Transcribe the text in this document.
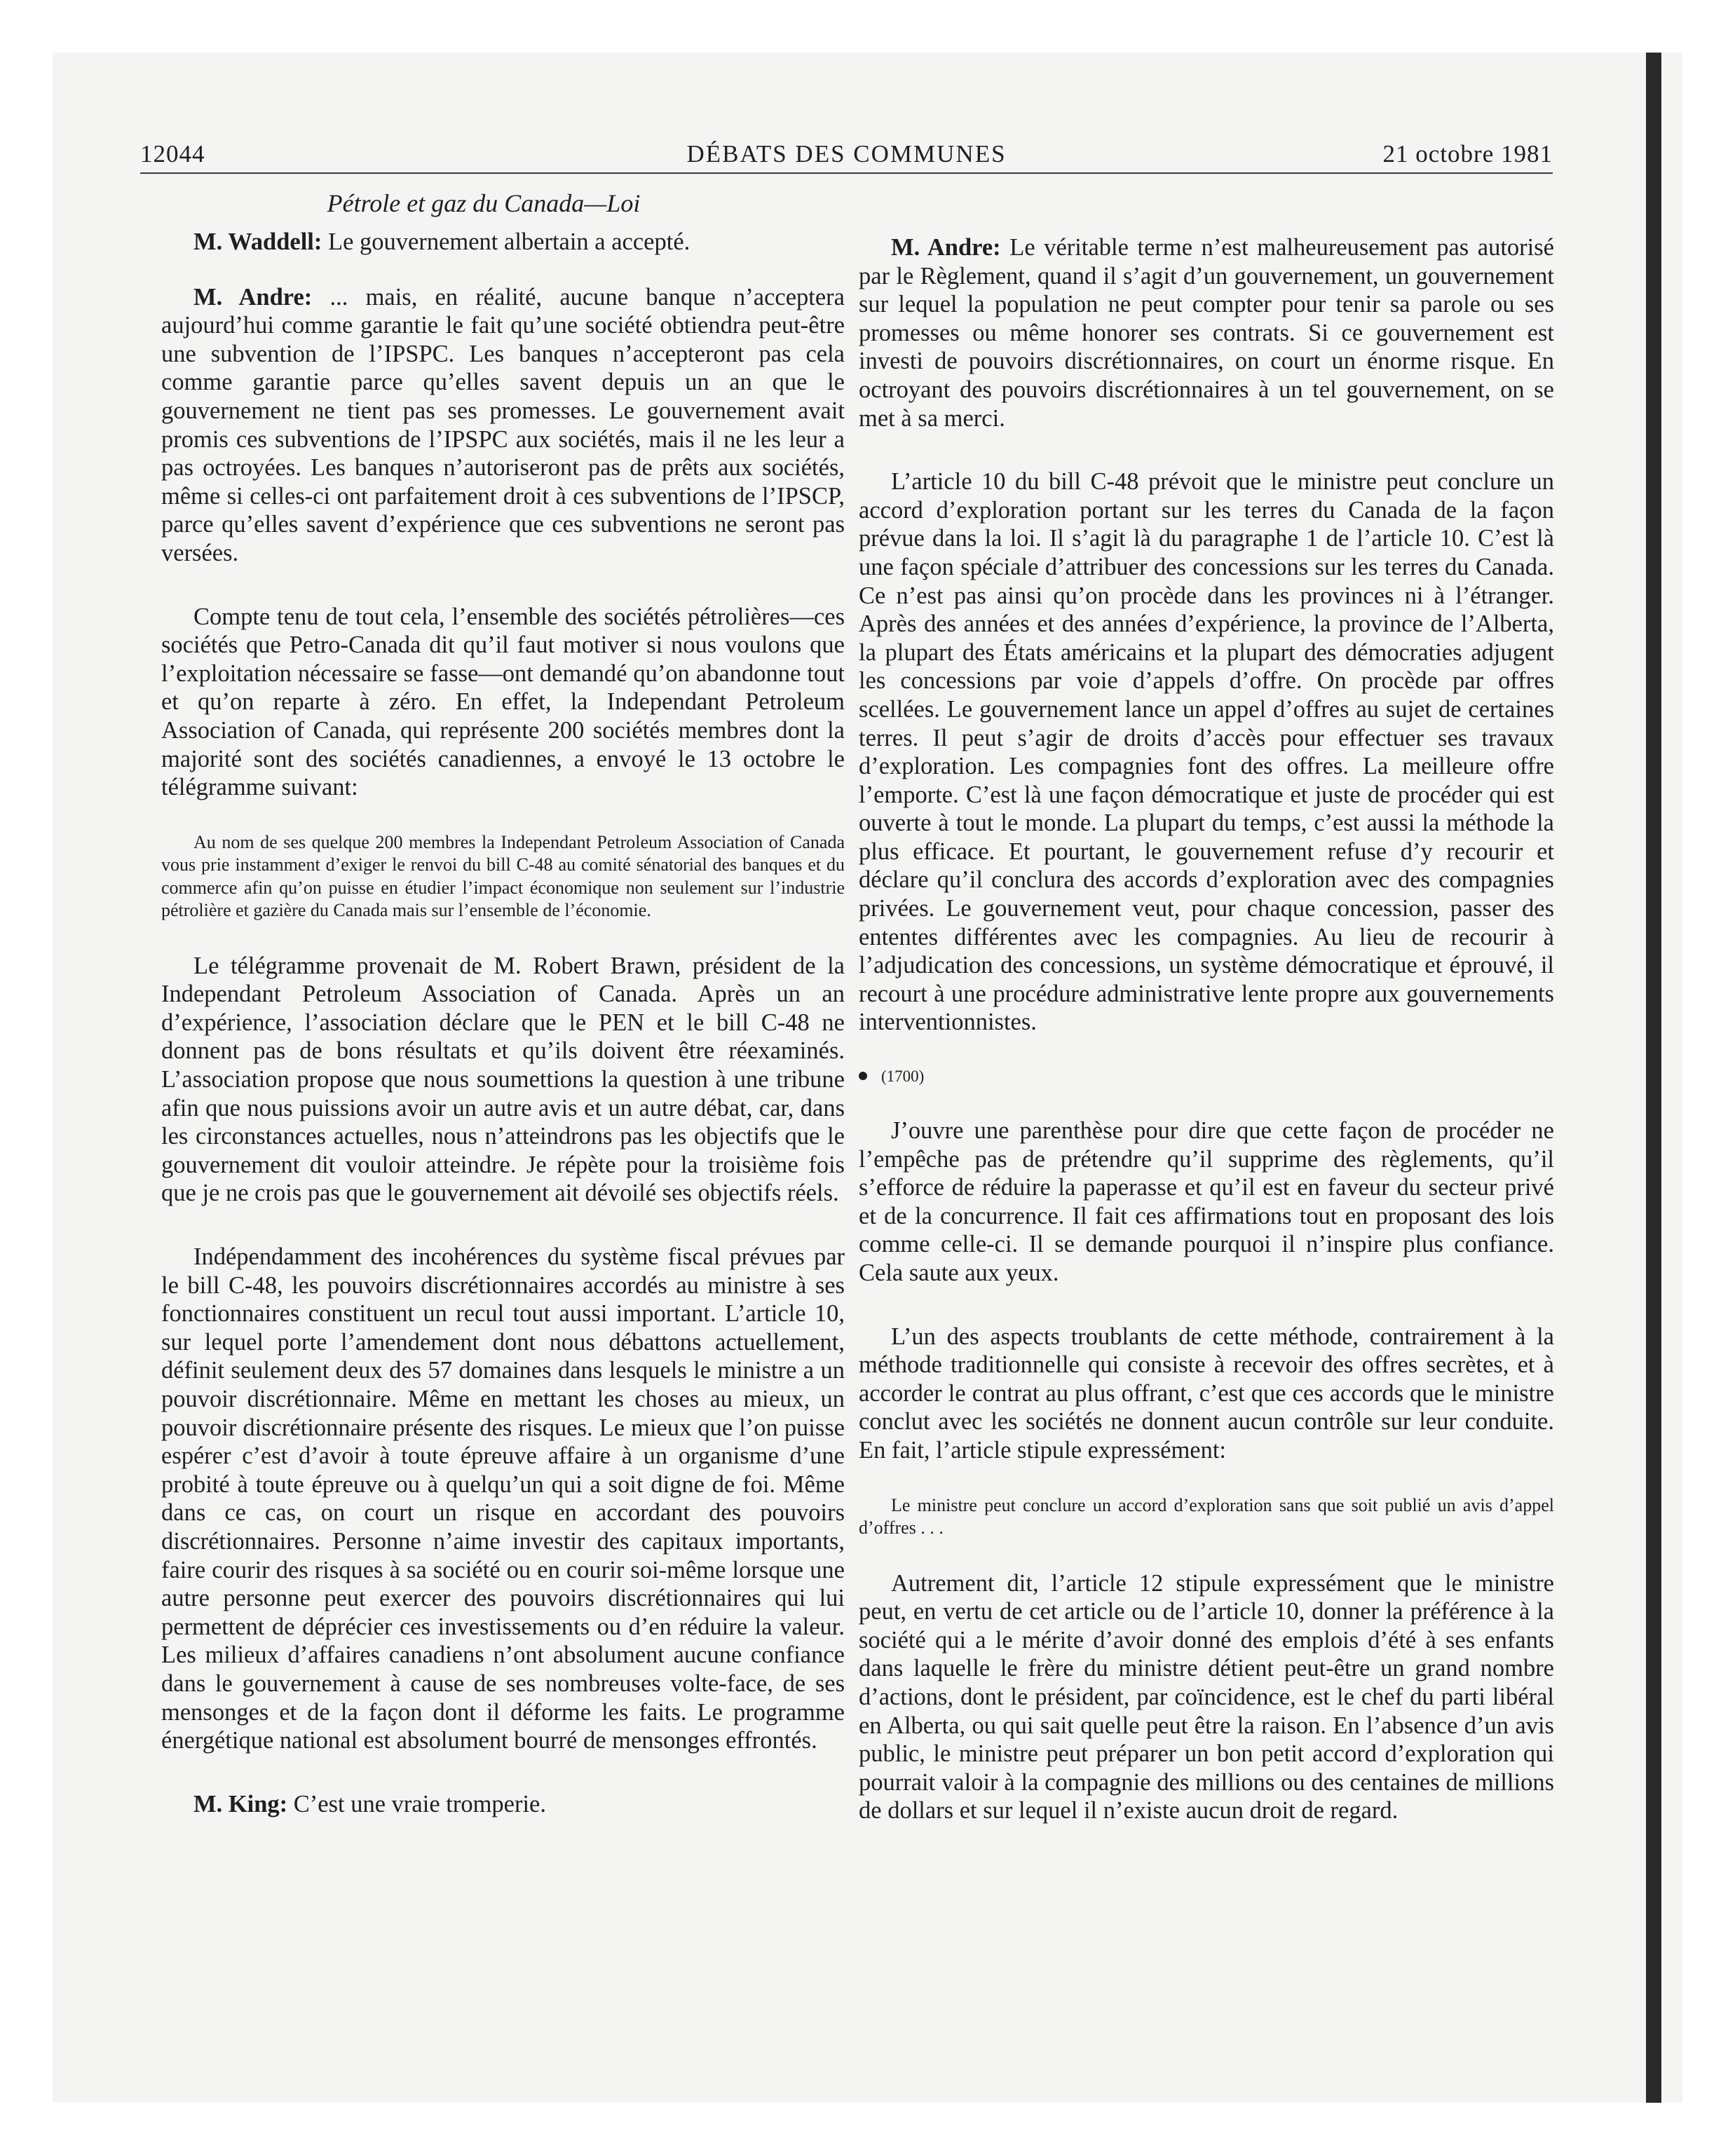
12044	DÉBATS DES COMMUNES	21 octobre 1981
Pétrole et gaz du Canada—Loi

M. Waddell: Le gouvernement albertain a accepté.

M. Andre: ... mais, en réalité, aucune banque n’acceptera aujourd’hui comme garantie le fait qu’une société obtiendra peut-être une subvention de l’IPSPC. Les banques n’accepteront pas cela comme garantie parce qu’elles savent depuis un an que le gouvernement ne tient pas ses promesses. Le gouvernement avait promis ces subventions de l’IPSPC aux sociétés, mais il ne les leur a pas octroyées. Les banques n’autoriseront pas de prêts aux sociétés, même si celles-ci ont parfaitement droit à ces subventions de l’IPSCP, parce qu’elles savent d’expérience que ces subventions ne seront pas versées.

Compte tenu de tout cela, l’ensemble des sociétés pétrolières—ces sociétés que Petro-Canada dit qu’il faut motiver si nous voulons que l’exploitation nécessaire se fasse—ont demandé qu’on abandonne tout et qu’on reparte à zéro. En effet, la Independant Petroleum Association of Canada, qui représente 200 sociétés membres dont la majorité sont des sociétés canadiennes, a envoyé le 13 octobre le télégramme suivant:

Au nom de ses quelque 200 membres la Independant Petroleum Association of Canada vous prie instamment d’exiger le renvoi du bill C-48 au comité sénatorial des banques et du commerce afin qu’on puisse en étudier l’impact économique non seulement sur l’industrie pétrolière et gazière du Canada mais sur l’ensemble de l’économie.

Le télégramme provenait de M. Robert Brawn, président de la Independant Petroleum Association of Canada. Après un an d’expérience, l’association déclare que le PEN et le bill C-48 ne donnent pas de bons résultats et qu’ils doivent être réexaminés. L’association propose que nous soumettions la question à une tribune afin que nous puissions avoir un autre avis et un autre débat, car, dans les circonstances actuelles, nous n’atteindrons pas les objectifs que le gouvernement dit vouloir atteindre. Je répète pour la troisième fois que je ne crois pas que le gouvernement ait dévoilé ses objectifs réels.

Indépendamment des incohérences du système fiscal prévues par le bill C-48, les pouvoirs discrétionnaires accordés au ministre à ses fonctionnaires constituent un recul tout aussi important. L’article 10, sur lequel porte l’amendement dont nous débattons actuellement, définit seulement deux des 57 domaines dans lesquels le ministre a un pouvoir discrétionnaire. Même en mettant les choses au mieux, un pouvoir discrétionnaire présente des risques. Le mieux que l’on puisse espérer c’est d’avoir à toute épreuve affaire à un organisme d’une probité à toute épreuve ou à quelqu’un qui a soit digne de foi. Même dans ce cas, on court un risque en accordant des pouvoirs discrétionnaires. Personne n’aime investir des capitaux importants, faire courir des risques à sa société ou en courir soi-même lorsque une autre personne peut exercer des pouvoirs discrétionnaires qui lui permettent de déprécier ces investissements ou d’en réduire la valeur. Les milieux d’affaires canadiens n’ont absolument aucune confiance dans le gouvernement à cause de ses nombreuses volte-face, de ses mensonges et de la façon dont il déforme les faits. Le programme énergétique national est absolument bourré de mensonges effrontés.

M. King: C’est une vraie tromperie.

M. Andre: Le véritable terme n’est malheureusement pas autorisé par le Règlement, quand il s’agit d’un gouvernement, un gouvernement sur lequel la population ne peut compter pour tenir sa parole ou ses promesses ou même honorer ses contrats. Si ce gouvernement est investi de pouvoirs discrétionnaires, on court un énorme risque. En octroyant des pouvoirs discrétionnaires à un tel gouvernement, on se met à sa merci.

L’article 10 du bill C-48 prévoit que le ministre peut conclure un accord d’exploration portant sur les terres du Canada de la façon prévue dans la loi. Il s’agit là du paragraphe 1 de l’article 10. C’est là une façon spéciale d’attribuer des concessions sur les terres du Canada. Ce n’est pas ainsi qu’on procède dans les provinces ni à l’étranger. Après des années et des années d’expérience, la province de l’Alberta, la plupart des États américains et la plupart des démocraties adjugent les concessions par voie d’appels d’offre. On procède par offres scellées. Le gouvernement lance un appel d’offres au sujet de certaines terres. Il peut s’agir de droits d’accès pour effectuer ses travaux d’exploration. Les compagnies font des offres. La meilleure offre l’emporte. C’est là une façon démocratique et juste de procéder qui est ouverte à tout le monde. La plupart du temps, c’est aussi la méthode la plus efficace. Et pourtant, le gouvernement refuse d’y recourir et déclare qu’il conclura des accords d’exploration avec des compagnies privées. Le gouvernement veut, pour chaque concession, passer des ententes différentes avec les compagnies. Au lieu de recourir à l’adjudication des concessions, un système démocratique et éprouvé, il recourt à une procédure administrative lente propre aux gouvernements interventionnistes.

(1700)

J’ouvre une parenthèse pour dire que cette façon de procéder ne l’empêche pas de prétendre qu’il supprime des règlements, qu’il s’efforce de réduire la paperasse et qu’il est en faveur du secteur privé et de la concurrence. Il fait ces affirmations tout en proposant des lois comme celle-ci. Il se demande pourquoi il n’inspire plus confiance. Cela saute aux yeux.

L’un des aspects troublants de cette méthode, contrairement à la méthode traditionnelle qui consiste à recevoir des offres secrètes, et à accorder le contrat au plus offrant, c’est que ces accords que le ministre conclut avec les sociétés ne donnent aucun contrôle sur leur conduite. En fait, l’article stipule expressément:

Le ministre peut conclure un accord d’exploration sans que soit publié un avis d’appel d’offres . . .

Autrement dit, l’article 12 stipule expressément que le ministre peut, en vertu de cet article ou de l’article 10, donner la préférence à la société qui a le mérite d’avoir donné des emplois d’été à ses enfants dans laquelle le frère du ministre détient peut-être un grand nombre d’actions, dont le président, par coïncidence, est le chef du parti libéral en Alberta, ou qui sait quelle peut être la raison. En l’absence d’un avis public, le ministre peut préparer un bon petit accord d’exploration qui pourrait valoir à la compagnie des millions ou des centaines de millions de dollars et sur lequel il n’existe aucun droit de regard.
